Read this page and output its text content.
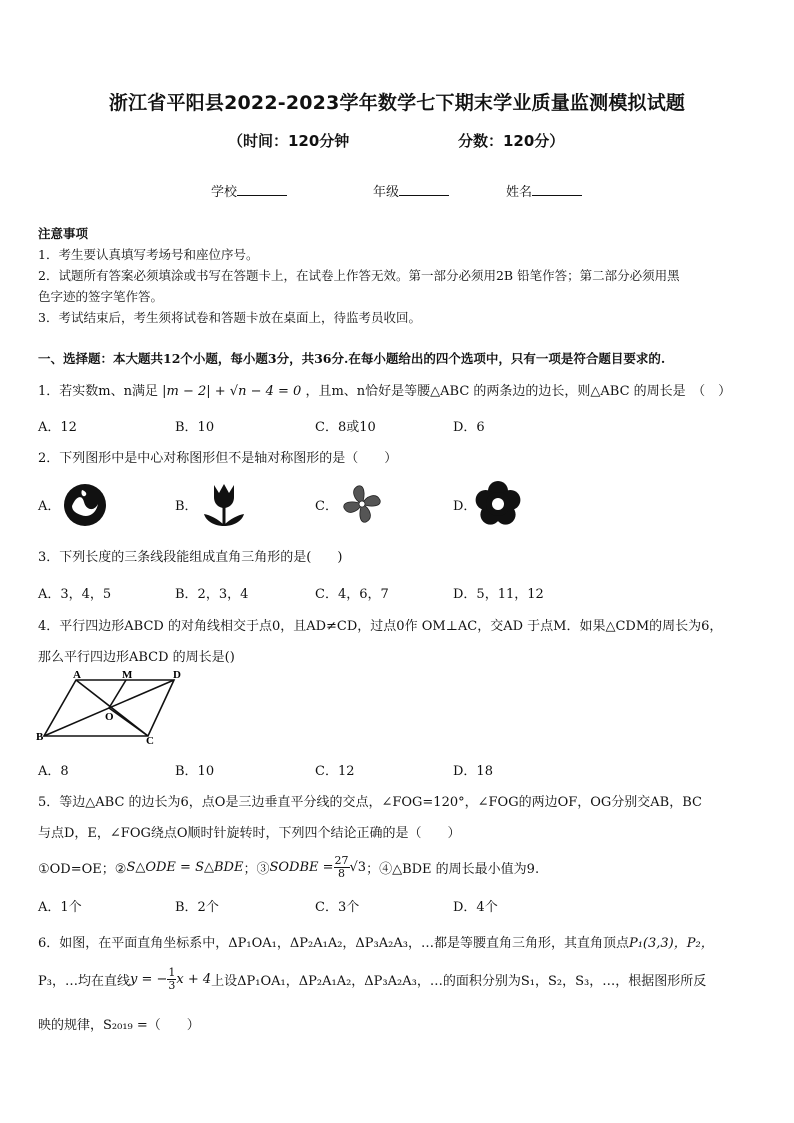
浙江省平阳县2022-2023学年数学七下期末学业质量监测模拟试题
（时间：120分钟	分数：120分）
学校	年级	姓名
注意事项
1．考生要认真填写考场号和座位序号。
2．试题所有答案必须填涂或书写在答题卡上，在试卷上作答无效。第一部分必须用2B 铅笔作答；第二部分必须用黑
色字迹的签字笔作答。
3．考试结束后，考生须将试卷和答题卡放在桌面上，待监考员收回。
一、选择题：本大题共12个小题，每小题3分，共36分.在每小题给出的四个选项中，只有一项是符合题目要求的.
1．若实数m、n满足 |m − 2| + √n − 4 = 0 ，且m、n恰好是等腰△ABC 的两条边的边长，则△ABC 的周长是　（　）
A．12	B．10	C．8或10	D．6
2．下列图形中是中心对称图形但不是轴对称图形的是（　　）
A．	B．	C．	D．
3．下列长度的三条线段能组成直角三角形的是(　　)
A．3，4，5	B．2，3，4	C．4，6，7	D．5，11，12
4．平行四边形ABCD 的对角线相交于点0，且AD≠CD，过点0作 OM⊥AC，交AD 于点M．如果△CDM的周长为6，
那么平行四边形ABCD 的周长是()
A	M	D
O
B	C
A．8	B．10	C．12	D．18
5．等边△ABC 的边长为6，点O是三边垂直平分线的交点，∠FOG=120°，∠FOG的两边OF，OG分别交AB，BC
与点D，E，∠FOG绕点O顺时针旋转时，下列四个结论正确的是（　　）
①OD=OE；② S△ODE = S△BDE ；③ SODBE = $\frac{27}{8} √3$ ；④△BDE 的周长最小值为9.
A．1个	B．2个	C．3个	D．4个
6．如图，在平面直角坐标系中，ΔP₁OA₁，ΔP₂A₁A₂，ΔP₃A₂A₃，…都是等腰直角三角形，其直角顶点P₁(3,3)，P₂，
P₃，…均在直线 y = − $\frac{1}{3}$ x + 4 上设ΔP₁OA₁，ΔP₂A₁A₂，ΔP₃A₂A₃，…的面积分别为S₁，S₂，S₃，…，根据图形所反
映的规律，S₂₀₁₉ =（　　）
